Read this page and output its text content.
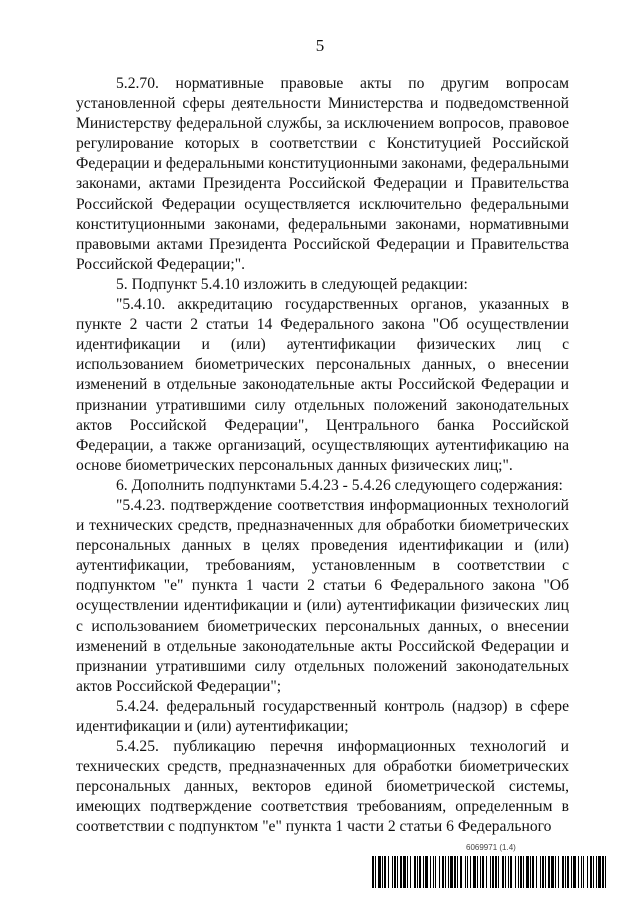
5

5.2.70. нормативные правовые акты по другим вопросам установленной сферы деятельности Министерства и подведомственной Министерству федеральной службы, за исключением вопросов, правовое регулирование которых в соответствии с Конституцией Российской Федерации и федеральными конституционными законами, федеральными законами, актами Президента Российской Федерации и Правительства Российской Федерации осуществляется исключительно федеральными конституционными законами, федеральными законами, нормативными правовыми актами Президента Российской Федерации и Правительства Российской Федерации;".

5. Подпункт 5.4.10 изложить в следующей редакции:

"5.4.10. аккредитацию государственных органов, указанных в пункте 2 части 2 статьи 14 Федерального закона "Об осуществлении идентификации и (или) аутентификации физических лиц с использованием биометрических персональных данных, о внесении изменений в отдельные законодательные акты Российской Федерации и признании утратившими силу отдельных положений законодательных актов Российской Федерации", Центрального банка Российской Федерации, а также организаций, осуществляющих аутентификацию на основе биометрических персональных данных физических лиц;".

6. Дополнить подпунктами 5.4.23 - 5.4.26 следующего содержания:

"5.4.23. подтверждение соответствия информационных технологий и технических средств, предназначенных для обработки биометрических персональных данных в целях проведения идентификации и (или) аутентификации, требованиям, установленным в соответствии с подпунктом "е" пункта 1 части 2 статьи 6 Федерального закона "Об осуществлении идентификации и (или) аутентификации физических лиц с использованием биометрических персональных данных, о внесении изменений в отдельные законодательные акты Российской Федерации и признании утратившими силу отдельных положений законодательных актов Российской Федерации";

5.4.24. федеральный государственный контроль (надзор) в сфере идентификации и (или) аутентификации;

5.4.25. публикацию перечня информационных технологий и технических средств, предназначенных для обработки биометрических персональных данных, векторов единой биометрической системы, имеющих подтверждение соответствия требованиям, определенным в соответствии с подпунктом "е" пункта 1 части 2 статьи 6 Федерального

6069971 (1.4)
